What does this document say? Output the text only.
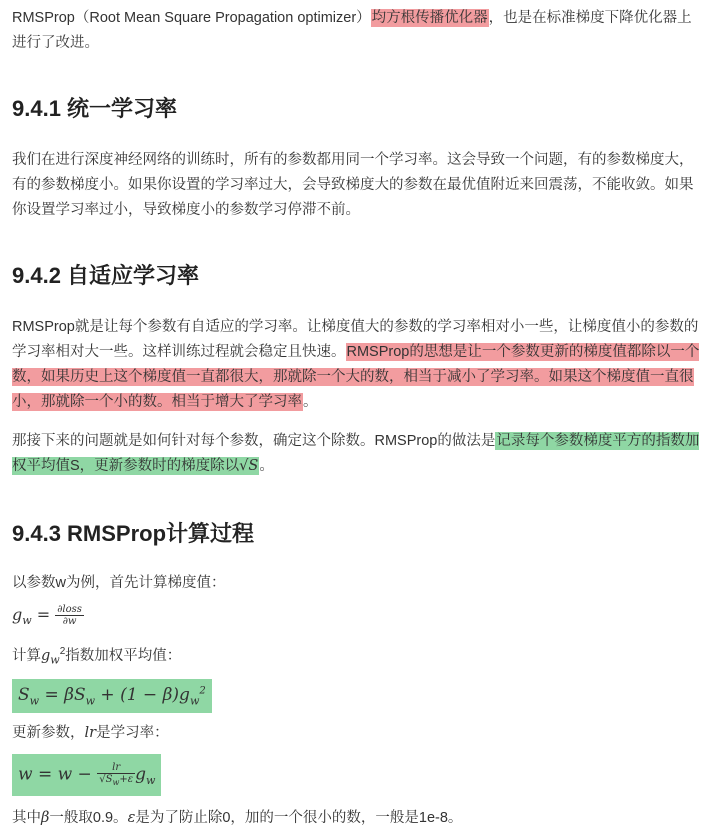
RMSProp（Root Mean Square Propagation optimizer）均方根传播优化器，也是在标准梯度下降优化器上进行了改进。

9.4.1 统一学习率

我们在进行深度神经网络的训练时，所有的参数都用同一个学习率。这会导致一个问题，有的参数梯度大，有的参数梯度小。如果你设置的学习率过大，会导致梯度大的参数在最优值附近来回震荡，不能收敛。如果你设置学习率过小，导致梯度小的参数学习停滞不前。

9.4.2 自适应学习率

RMSProp就是让每个参数有自适应的学习率。让梯度值大的参数的学习率相对小一些，让梯度值小的参数的学习率相对大一些。这样训练过程就会稳定且快速。RMSProp的思想是让一个参数更新的梯度值都除以一个数，如果历史上这个梯度值一直都很大，那就除一个大的数，相当于减小了学习率。如果这个梯度值一直很小，那就除一个小的数。相当于增大了学习率。

那接下来的问题就是如何针对每个参数，确定这个除数。RMSProp的做法是记录每个参数梯度平方的指数加权平均值S，更新参数时的梯度除以√S。

9.4.3 RMSProp计算过程

以参数w为例，首先计算梯度值：

$g_w = \frac{\text{∂loss}}{\partial w}$

计算$g_w^2$指数加权平均值：

$S_w = \beta S_w + (1 - \beta)g_w^2$

更新参数，lr是学习率：

$w = w - \frac{lr}{√S_w+\varepsilon} g_w$

其中β一般取0.9。ε是为了防止除0，加的一个很小的数，一般是1e-8。
